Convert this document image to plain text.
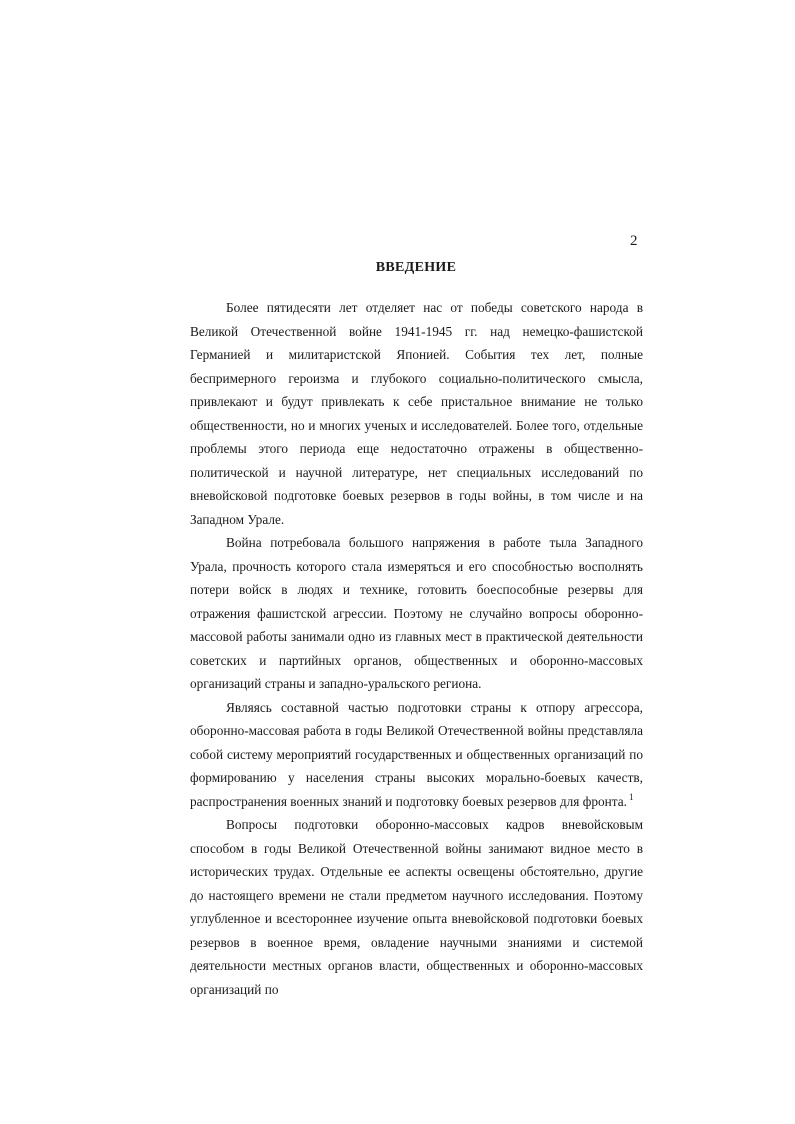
2
ВВЕДЕНИЕ

Более пятидесяти лет отделяет нас от победы советского народа в Великой Отечественной войне 1941-1945 гг. над немецко-фашистской Германией и милитаристской Японией. События тех лет, полные беспримерного героизма и глубокого социально-политического смысла, привлекают и будут привлекать к себе пристальное внимание не только общественности, но и многих ученых и исследователей. Более того, отдельные проблемы этого периода еще недостаточно отражены в общественно-политической и научной литературе, нет специальных исследований по вневойсковой подготовке боевых резервов в годы войны, в том числе и на Западном Урале.

Война потребовала большого напряжения в работе тыла Западного Урала, прочность которого стала измеряться и его способностью восполнять потери войск в людях и технике, готовить боеспособные резервы для отражения фашистской агрессии. Поэтому не случайно вопросы оборонно-массовой работы занимали одно из главных мест в практической деятельности советских и партийных органов, общественных и оборонно-массовых организаций страны и западно-уральского региона.

Являясь составной частью подготовки страны к отпору агрессора, оборонно-массовая работа в годы Великой Отечественной войны представляла собой систему мероприятий государственных и общественных организаций по формированию у населения страны высоких морально-боевых качеств, распространения военных знаний и подготовку боевых резервов для фронта. $^1$

Вопросы подготовки оборонно-массовых кадров вневойсковым способом в годы Великой Отечественной войны занимают видное место в исторических трудах. Отдельные ее аспекты освещены обстоятельно, другие до настоящего времени не стали предметом научного исследования. Поэтому углубленное и всестороннее изучение опыта вневойсковой подготовки боевых резервов в военное время, овладение научными знаниями и системой деятельности местных органов власти, общественных и оборонно-массовых организаций по
